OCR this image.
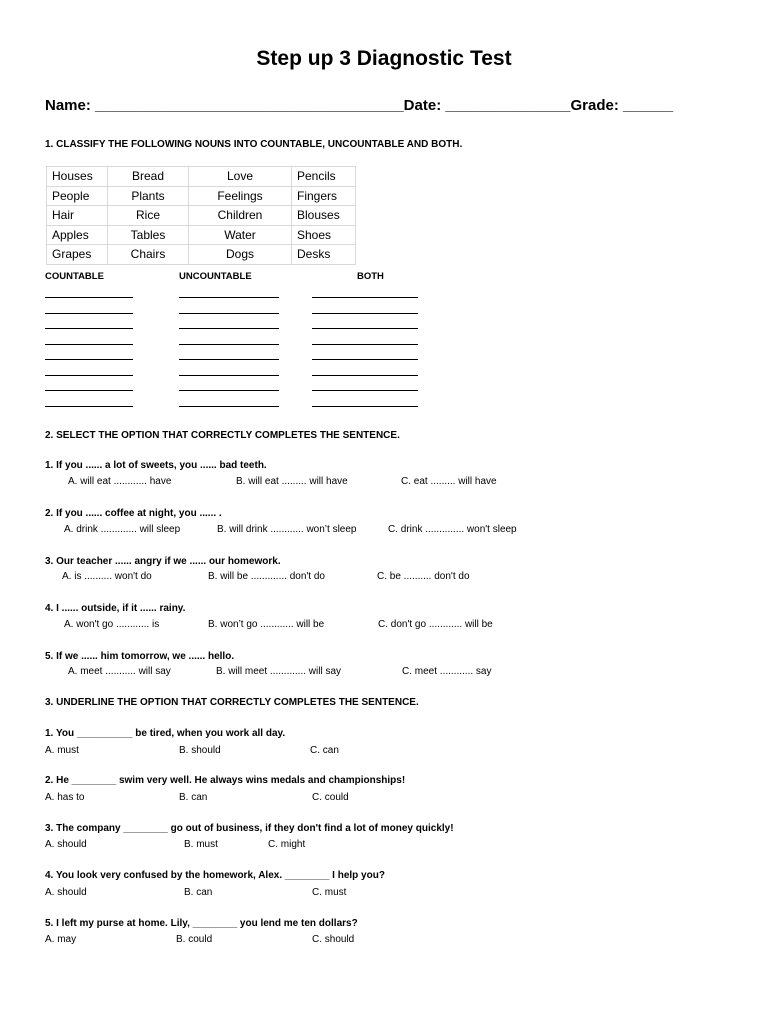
Step up 3 Diagnostic Test
Name: _____________________________________Date: _______________Grade: ______
1. CLASSIFY THE FOLLOWING NOUNS INTO COUNTABLE, UNCOUNTABLE AND BOTH.
Houses	Bread	Love	Pencils
People	Plants	Feelings	Fingers
Hair	Rice	Children	Blouses
Apples	Tables	Water	Shoes
Grapes	Chairs	Dogs	Desks
COUNTABLE	UNCOUNTABLE	BOTH
2. SELECT THE OPTION THAT CORRECTLY COMPLETES THE SENTENCE.
1. If you ...... a lot of sweets, you ...... bad teeth.
A. will eat ............ have	B. will eat ......... will have	C. eat ......... will have
2. If you ...... coffee at night, you ...... .
A. drink ............. will sleep	B. will drink ............ won’t sleep	C. drink .............. won't sleep
3. Our teacher ...... angry if we ...... our homework.
A. is .......... won't do	B. will be ............. don't do	C. be .......... don't do
4. I ...... outside, if it ...... rainy.
A. won't go ............ is	B. won’t go ............ will be	C. don't go ............ will be
5. If we ...... him tomorrow, we ...... hello.
A. meet ........... will say	B. will meet ............. will say	C. meet ............ say
3. UNDERLINE THE OPTION THAT CORRECTLY COMPLETES THE SENTENCE.
1. You __________ be tired, when you work all day.
A. must	B. should	C. can
2. He ________ swim very well. He always wins medals and championships!
A. has to	B. can	C. could
3. The company ________ go out of business, if they don't find a lot of money quickly!
A. should	B. must	C. might
4. You look very confused by the homework, Alex. ________ I help you?
A. should	B. can	C. must
5. I left my purse at home. Lily, ________ you lend me ten dollars?
A. may	B. could	C. should
